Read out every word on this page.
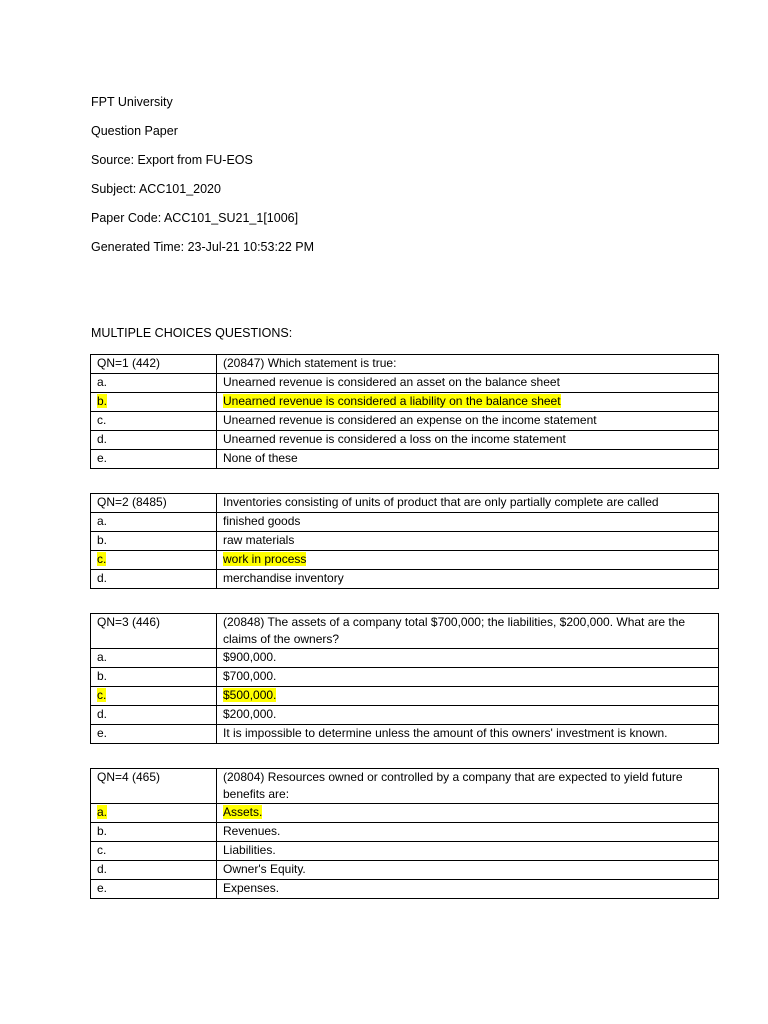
FPT University
Question Paper
Source: Export from FU-EOS
Subject: ACC101_2020
Paper Code: ACC101_SU21_1[1006]
Generated Time: 23-Jul-21 10:53:22 PM
MULTIPLE CHOICES QUESTIONS:
QN=1 (442)	(20847) Which statement is true:
a.	Unearned revenue is considered an asset on the balance sheet
b.	Unearned revenue is considered a liability on the balance sheet
c.	Unearned revenue is considered an expense on the income statement
d.	Unearned revenue is considered a loss on the income statement
e.	None of these
QN=2 (8485)	Inventories consisting of units of product that are only partially complete are called
a.	finished goods
b.	raw materials
c.	work in process
d.	merchandise inventory
QN=3 (446)	(20848) The assets of a company total $700,000; the liabilities, $200,000. What are the claims of the owners?
a.	$900,000.
b.	$700,000.
c.	$500,000.
d.	$200,000.
e.	It is impossible to determine unless the amount of this owners' investment is known.
QN=4 (465)	(20804) Resources owned or controlled by a company that are expected to yield future benefits are:
a.	Assets.
b.	Revenues.
c.	Liabilities.
d.	Owner's Equity.
e.	Expenses.
